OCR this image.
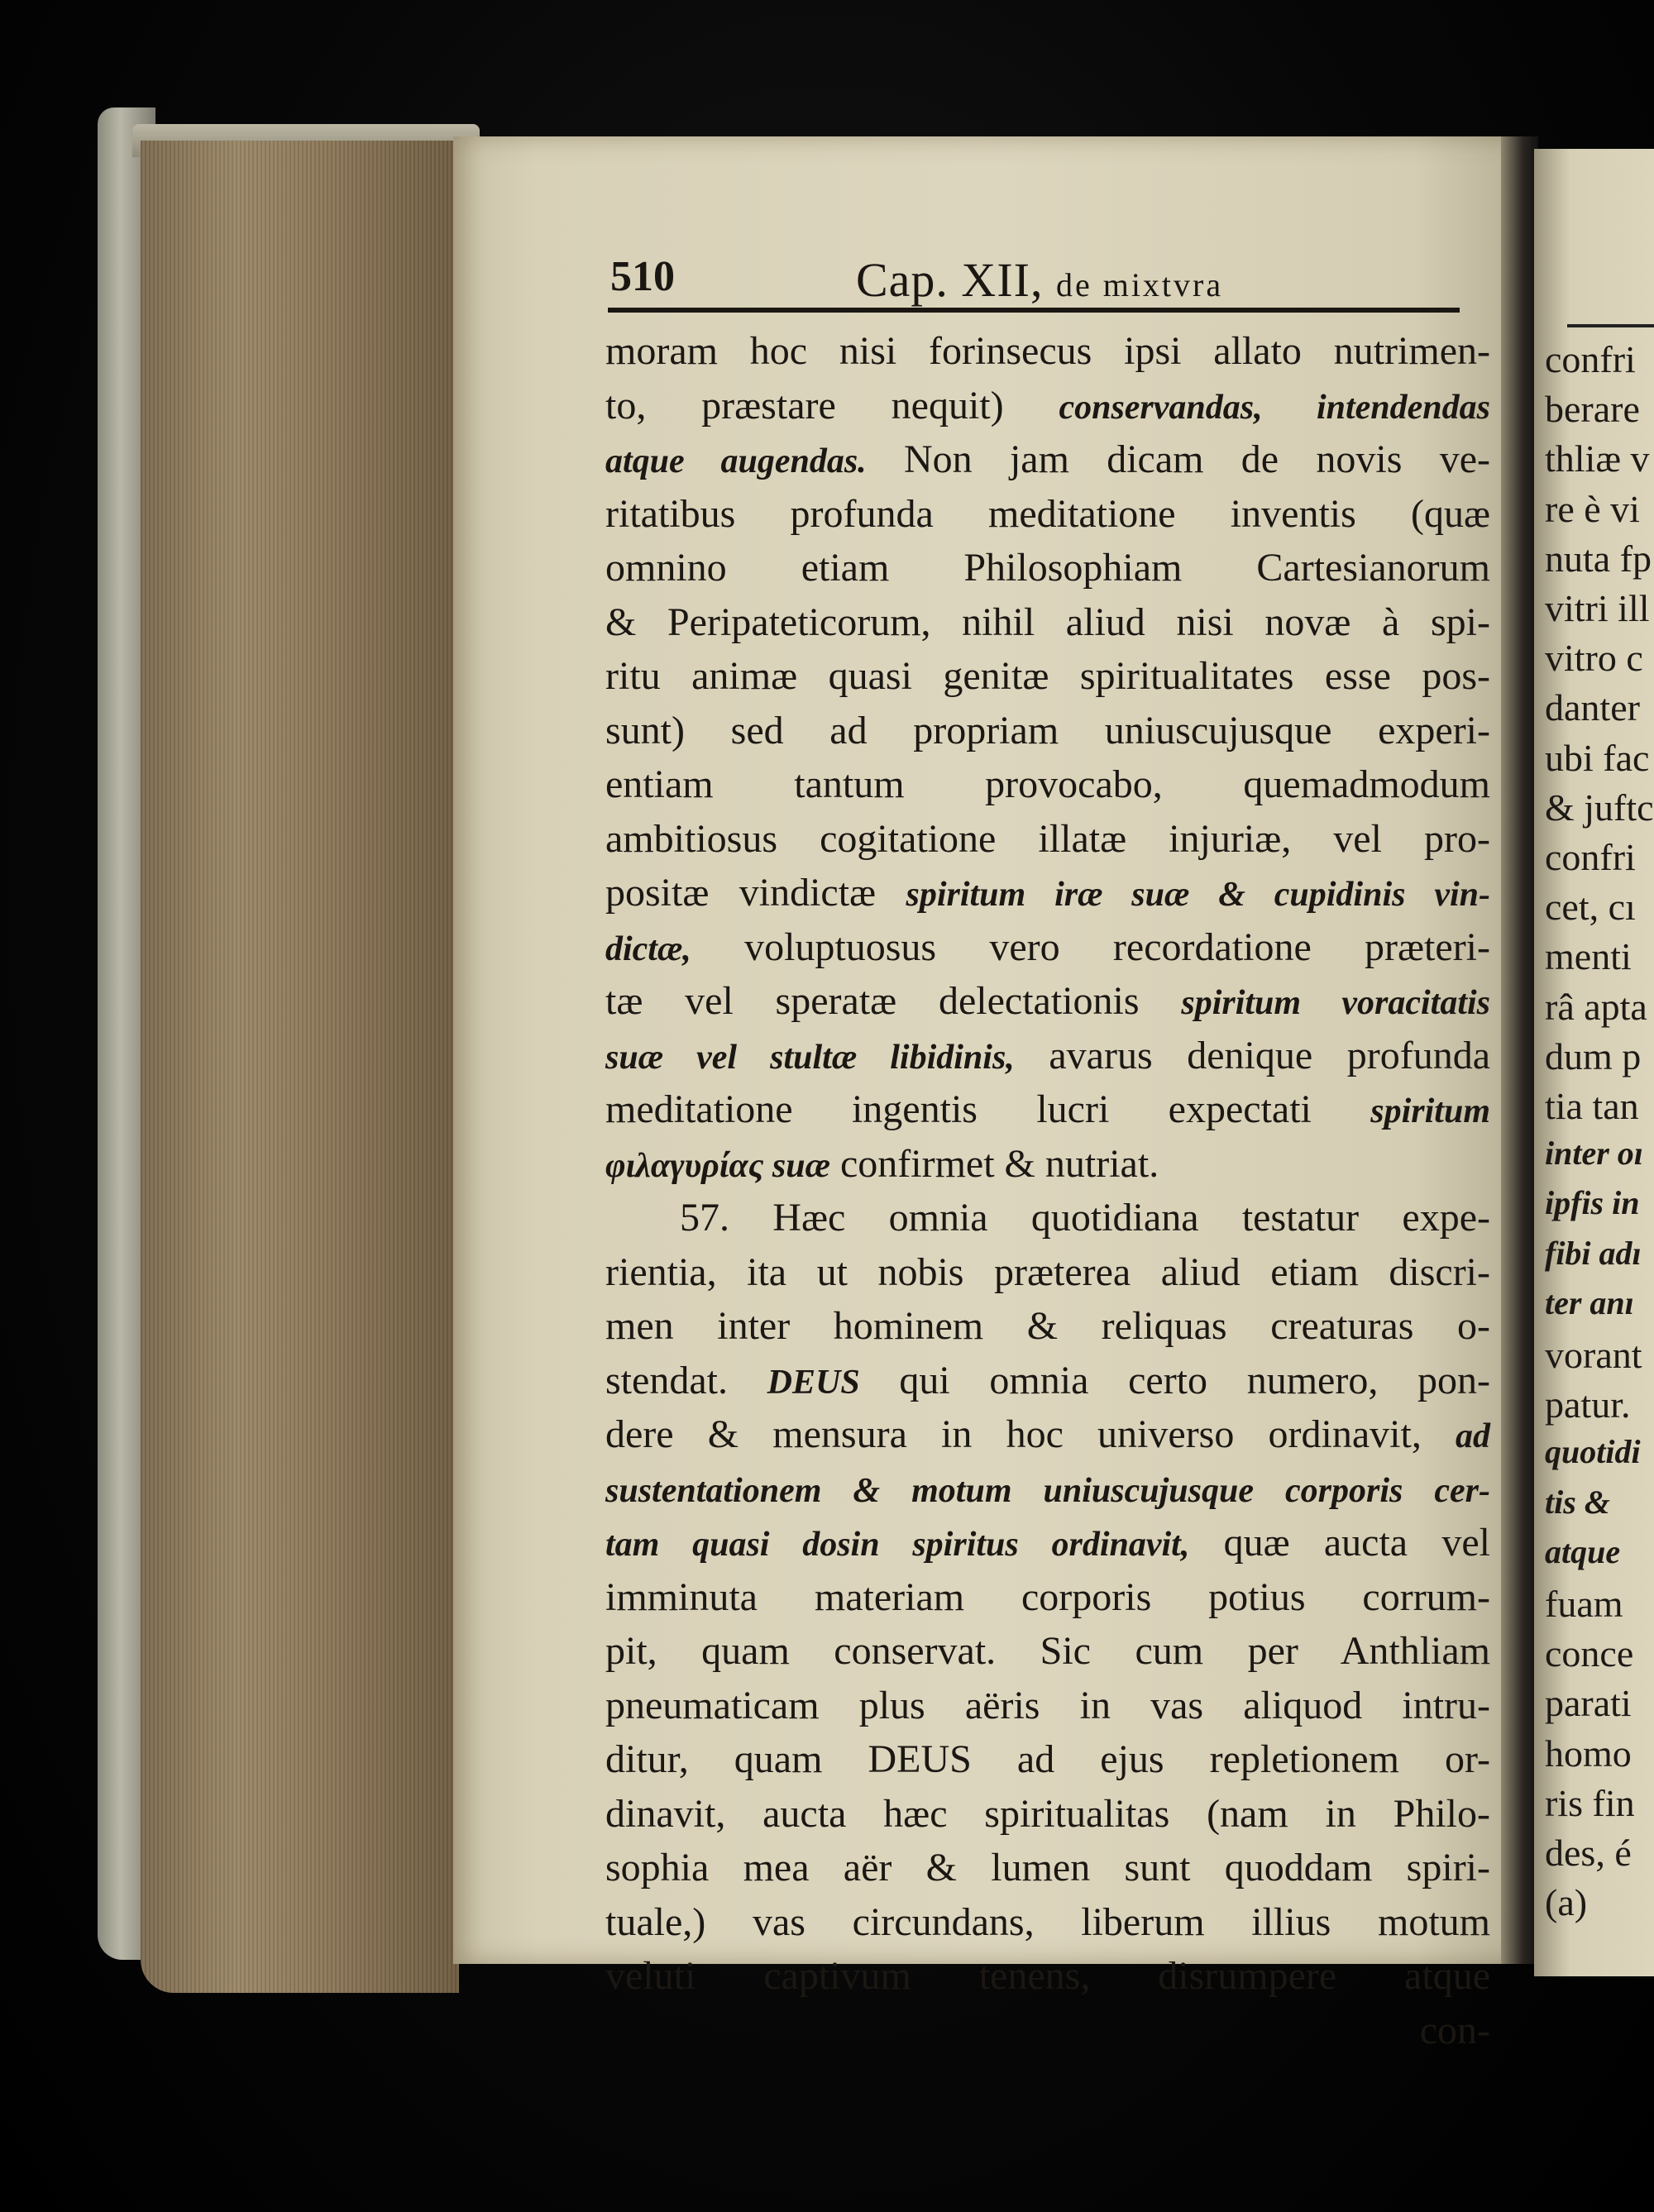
510	Cap. XII, de mixtvra
moram hoc nisi forinsecus ipsi allato nutrimen-
to, præstare nequit) conservandas, intendendas
atque augendas. Non jam dicam de novis ve-
ritatibus profunda meditatione inventis (quæ
omnino etiam Philosophiam Cartesianorum
& Peripateticorum, nihil aliud nisi novæ à spi-
ritu animæ quasi genitæ spiritualitates esse pos-
sunt) sed ad propriam uniuscujusque experi-
entiam tantum provocabo, quemadmodum
ambitiosus cogitatione illatæ injuriæ, vel pro-
positæ vindictæ spiritum iræ suæ & cupidinis vin-
dictæ, voluptuosus vero recordatione præteri-
tæ vel speratæ delectationis spiritum voracitatis
suæ vel stultæ libidinis, avarus denique profunda
meditatione ingentis lucri expectati spiritum
φιλαγυρίας suæ confirmet & nutriat.
57. Hæc omnia quotidiana testatur expe-
rientia, ita ut nobis præterea aliud etiam discri-
men inter hominem & reliquas creaturas o-
stendat. DEUS qui omnia certo numero, pon-
dere & mensura in hoc universo ordinavit, ad
sustentationem & motum uniuscujusque corporis cer-
tam quasi dosin spiritus ordinavit, quæ aucta vel
imminuta materiam corporis potius corrum-
pit, quam conservat. Sic cum per Anthliam
pneumaticam plus aëris in vas aliquod intru-
ditur, quam DEUS ad ejus repletionem or-
dinavit, aucta hæc spiritualitas (nam in Philo-
sophia mea aër & lumen sunt quoddam spiri-
tuale,) vas circundans, liberum illius motum
veluti captivum tenens, disrumpere atque
con-
confri
berare
thliæ v
re è vi
nuta fp
vitri ill
vitro c
danter
ubi fac
& juftc
confri
cet, cı
menti
râ apta
dum p
tia tan
inter oı
ipfis in
fibi adı
ter anı
vorant
patur.
quotidi
tis &
atque
fuam
conce
parati
homo
ris fin
des, é
(a)
